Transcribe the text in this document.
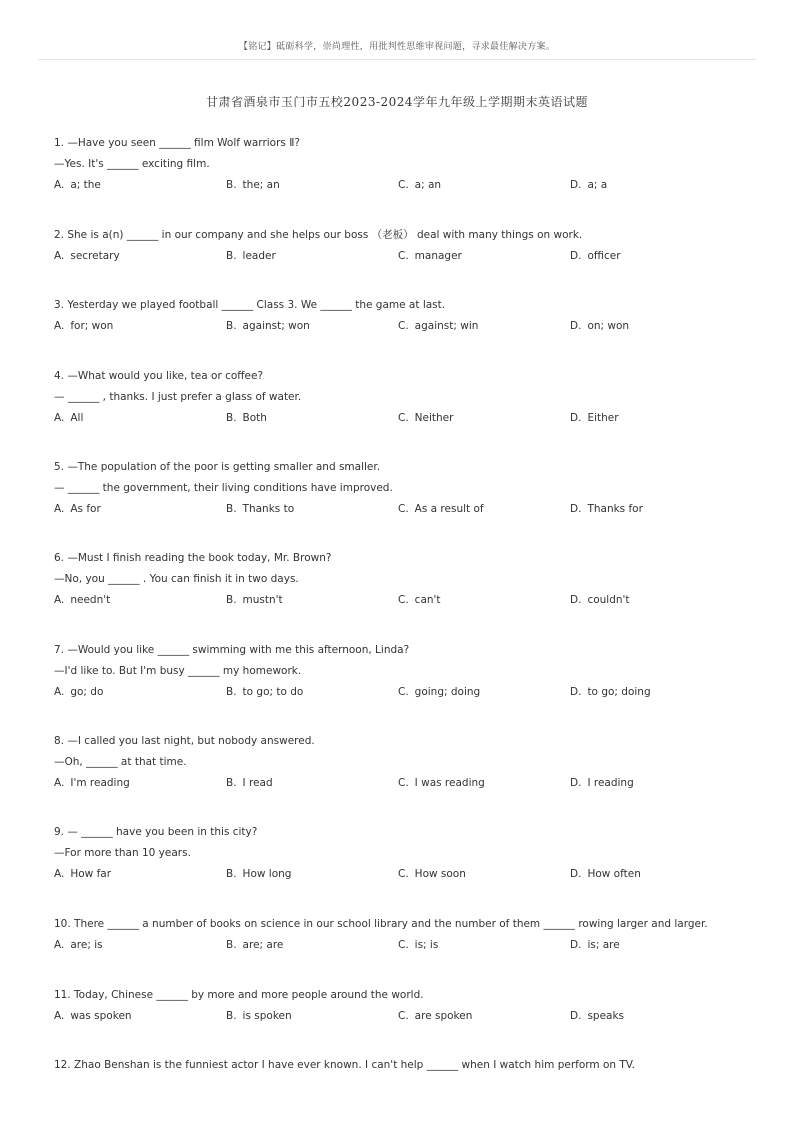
【铭记】砥砺科学，崇尚理性，用批判性思维审视问题，寻求最佳解决方案。
甘肃省酒泉市玉门市五校2023-2024学年九年级上学期期末英语试题
1. —Have you seen ______ film Wolf warriors Ⅱ?
—Yes. It's ______ exciting film.
A. a; the	B. the; an	C. a; an	D. a; a
2. She is a(n) ______ in our company and she helps our boss （老板） deal with many things on work.
A. secretary	B. leader	C. manager	D. officer
3. Yesterday we played football ______ Class 3. We ______ the game at last.
A. for; won	B. against; won	C. against; win	D. on; won
4. —What would you like, tea or coffee?
— ______ , thanks. I just prefer a glass of water.
A. All	B. Both	C. Neither	D. Either
5. —The population of the poor is getting smaller and smaller.
— ______ the government, their living conditions have improved.
A. As for	B. Thanks to	C. As a result of	D. Thanks for
6. —Must I finish reading the book today, Mr. Brown?
—No, you ______ . You can finish it in two days.
A. needn't	B. mustn't	C. can't	D. couldn't
7. —Would you like ______ swimming with me this afternoon, Linda?
—I'd like to. But I'm busy ______ my homework.
A. go; do	B. to go; to do	C. going; doing	D. to go; doing
8. —I called you last night, but nobody answered.
—Oh, ______ at that time.
A. I'm reading	B. I read	C. I was reading	D. I reading
9. — ______ have you been in this city?
—For more than 10 years.
A. How far	B. How long	C. How soon	D. How often
10. There ______ a number of books on science in our school library and the number of them ______ rowing larger and larger.
A. are; is	B. are; are	C. is; is	D. is; are
11. Today, Chinese ______ by more and more people around the world.
A. was spoken	B. is spoken	C. are spoken	D. speaks
12. Zhao Benshan is the funniest actor I have ever known. I can't help ______ when I watch him perform on TV.
